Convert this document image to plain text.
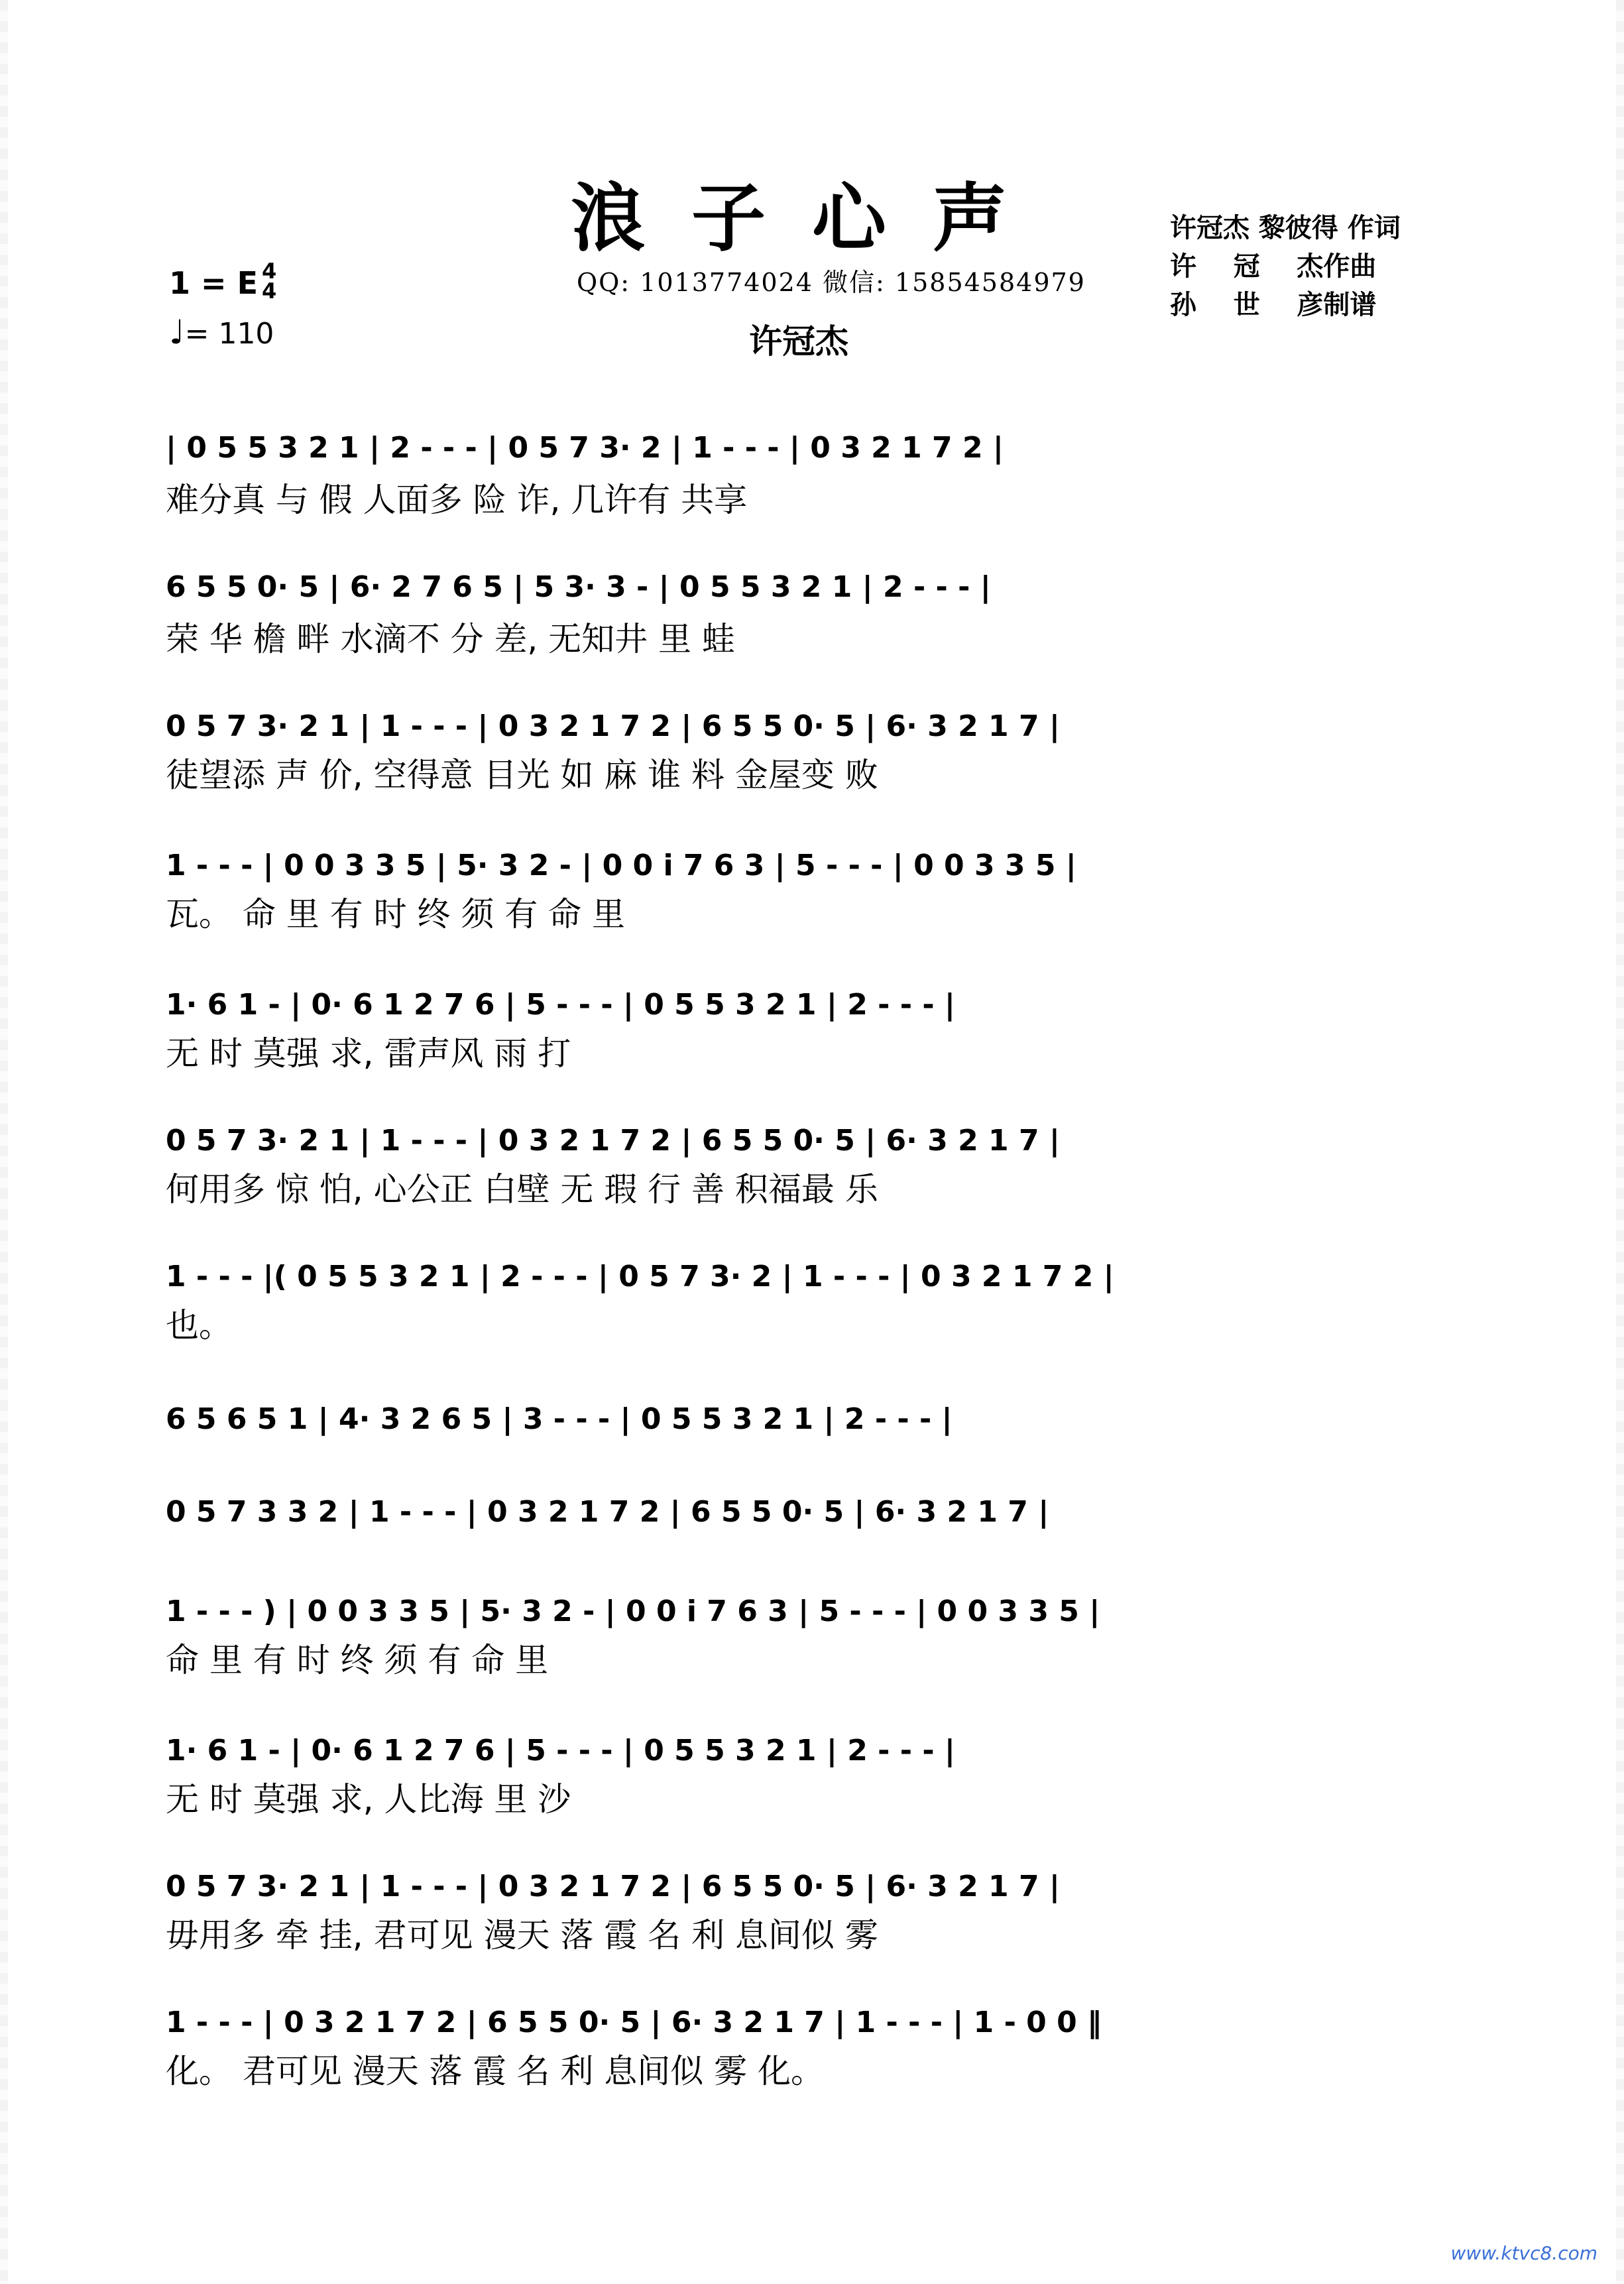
浪子心声
QQ: 1013774024 微信: 15854584979
许冠杰
许冠杰 黎彼得 作词
许    冠    杰作曲
孙    世    彦制谱
1 = E 4
4
♩= 110
| 0 5 5 3 2 1 | 2 - - - | 0 5 7 3· 2 | 1 - - - | 0 3 2 1 7 2 |
难分真 与 假 人面多 险 诈, 几许有 共享
6 5 5 0· 5 | 6· 2 7 6 5 | 5 3· 3 - | 0 5 5 3 2 1 | 2 - - - |
荣 华 檐 畔 水滴不 分 差, 无知井 里 蛙
0 5 7 3· 2 1 | 1 - - - | 0 3 2 1 7 2 | 6 5 5 0· 5 | 6· 3 2 1 7 |
徒望添 声 价, 空得意 目光 如 麻 谁 料 金屋变 败
1 - - - | 0 0 3 3 5 | 5· 3 2 - | 0 0 i 7 6 3 | 5 - - - | 0 0 3 3 5 |
瓦。 命 里 有 时 终 须 有 命 里
1· 6 1 - | 0· 6 1 2 7 6 | 5 - - - | 0 5 5 3 2 1 | 2 - - - |
无 时 莫强 求, 雷声风 雨 打
0 5 7 3· 2 1 | 1 - - - | 0 3 2 1 7 2 | 6 5 5 0· 5 | 6· 3 2 1 7 |
何用多 惊 怕, 心公正 白壁 无 瑕 行 善 积福最 乐
1 - - - |( 0 5 5 3 2 1 | 2 - - - | 0 5 7 3· 2 | 1 - - - | 0 3 2 1 7 2 |
也。
6 5 6 5 1 | 4· 3 2 6 5 | 3 - - - | 0 5 5 3 2 1 | 2 - - - |
0 5 7 3 3 2 | 1 - - - | 0 3 2 1 7 2 | 6 5 5 0· 5 | 6· 3 2 1 7 |
1 - - - ) | 0 0 3 3 5 | 5· 3 2 - | 0 0 i 7 6 3 | 5 - - - | 0 0 3 3 5 |
命 里 有 时 终 须 有 命 里
1· 6 1 - | 0· 6 1 2 7 6 | 5 - - - | 0 5 5 3 2 1 | 2 - - - |
无 时 莫强 求, 人比海 里 沙
0 5 7 3· 2 1 | 1 - - - | 0 3 2 1 7 2 | 6 5 5 0· 5 | 6· 3 2 1 7 |
毋用多 牵 挂, 君可见 漫天 落 霞 名 利 息间似 雾
1 - - - | 0 3 2 1 7 2 | 6 5 5 0· 5 | 6· 3 2 1 7 | 1 - - - | 1 - 0 0 ‖
化。 君可见 漫天 落 霞 名 利 息间似 雾 化。
www.ktvc8.com
